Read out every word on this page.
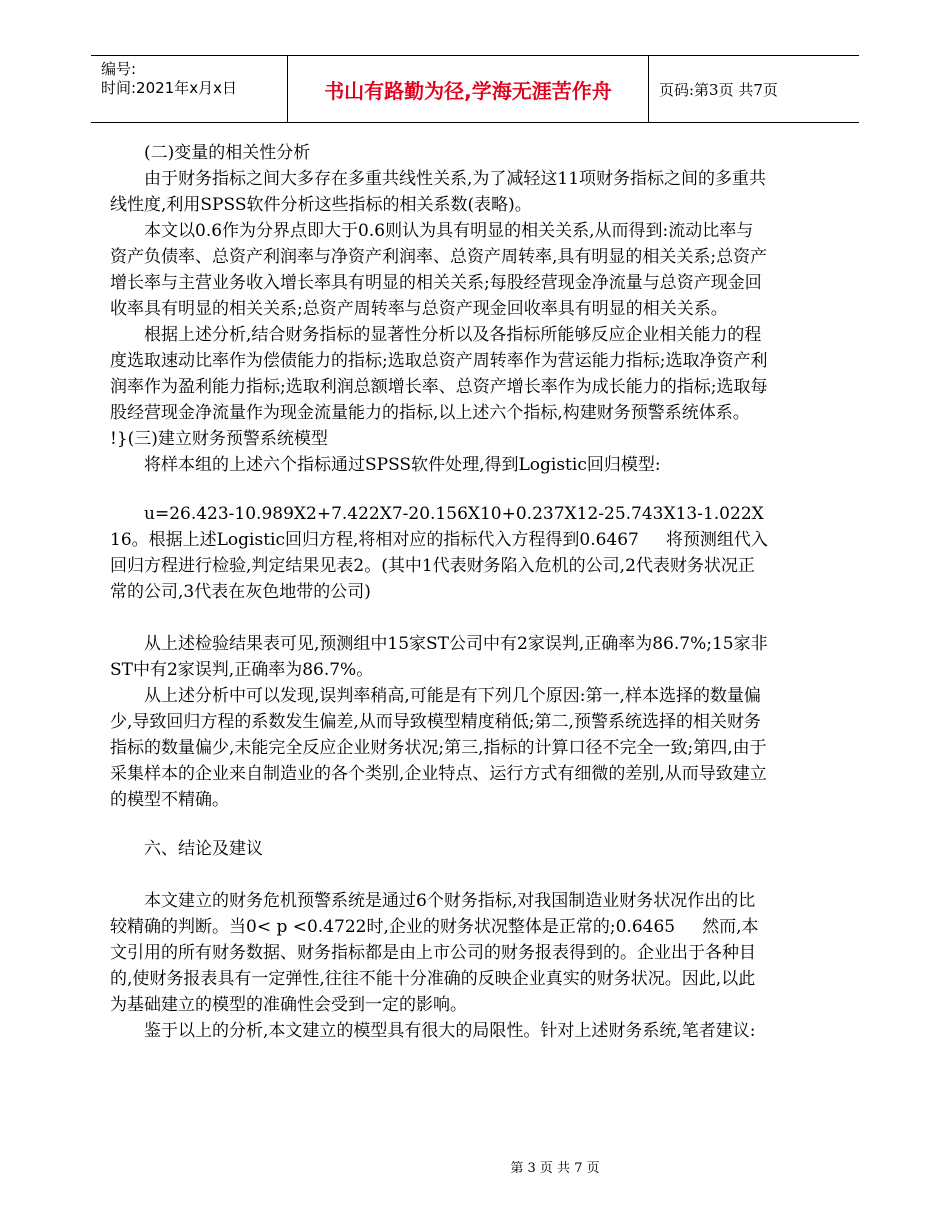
编号:
时间:2021年x月x日	书山有路勤为径,学海无涯苦作舟	页码:第3页 共7页

(二)变量的相关性分析

由于财务指标之间大多存在多重共线性关系,为了减轻这11项财务指标之间的多重共线性度,利用SPSS软件分析这些指标的相关系数(表略)。

本文以0.6作为分界点即大于0.6则认为具有明显的相关关系,从而得到:流动比率与资产负债率、总资产利润率与净资产利润率、总资产周转率,具有明显的相关关系;总资产增长率与主营业务收入增长率具有明显的相关关系;每股经营现金净流量与总资产现金回收率具有明显的相关关系;总资产周转率与总资产现金回收率具有明显的相关关系。

根据上述分析,结合财务指标的显著性分析以及各指标所能够反应企业相关能力的程度选取速动比率作为偿债能力的指标;选取总资产周转率作为营运能力指标;选取净资产利润率作为盈利能力指标;选取利润总额增长率、总资产增长率作为成长能力的指标;选取每股经营现金净流量作为现金流量能力的指标,以上述六个指标,构建财务预警系统体系。   !}(三)建立财务预警系统模型

将样本组的上述六个指标通过SPSS软件处理,得到Logistic回归模型:

u=26.423-10.989Ⅹ2+7.422Ⅹ7-20.156Ⅹ10+0.237Ⅹ12-25.743Ⅹ13-1.022Ⅹ16。根据上述Logistic回归方程,将相对应的指标代入方程得到0.6467     将预测组代入回归方程进行检验,判定结果见表2。(其中1代表财务陷入危机的公司,2代表财务状况正常的公司,3代表在灰色地带的公司)

从上述检验结果表可见,预测组中15家ST公司中有2家误判,正确率为86.7%;15家非ST中有2家误判,正确率为86.7%。

从上述分析中可以发现,误判率稍高,可能是有下列几个原因:第一,样本选择的数量偏少,导致回归方程的系数发生偏差,从而导致模型精度稍低;第二,预警系统选择的相关财务指标的数量偏少,未能完全反应企业财务状况;第三,指标的计算口径不完全一致;第四,由于采集样本的企业来自制造业的各个类别,企业特点、运行方式有细微的差别,从而导致建立的模型不精确。

六、结论及建议

本文建立的财务危机预警系统是通过6个财务指标,对我国制造业财务状况作出的比较精确的判断。当0< p <0.4722时,企业的财务状况整体是正常的;0.6465     然而,本文引用的所有财务数据、财务指标都是由上市公司的财务报表得到的。企业出于各种目的,使财务报表具有一定弹性,往往不能十分准确的反映企业真实的财务状况。因此,以此为基础建立的模型的准确性会受到一定的影响。

鉴于以上的分析,本文建立的模型具有很大的局限性。针对上述财务系统,笔者建议:

第 3 页 共 7 页
